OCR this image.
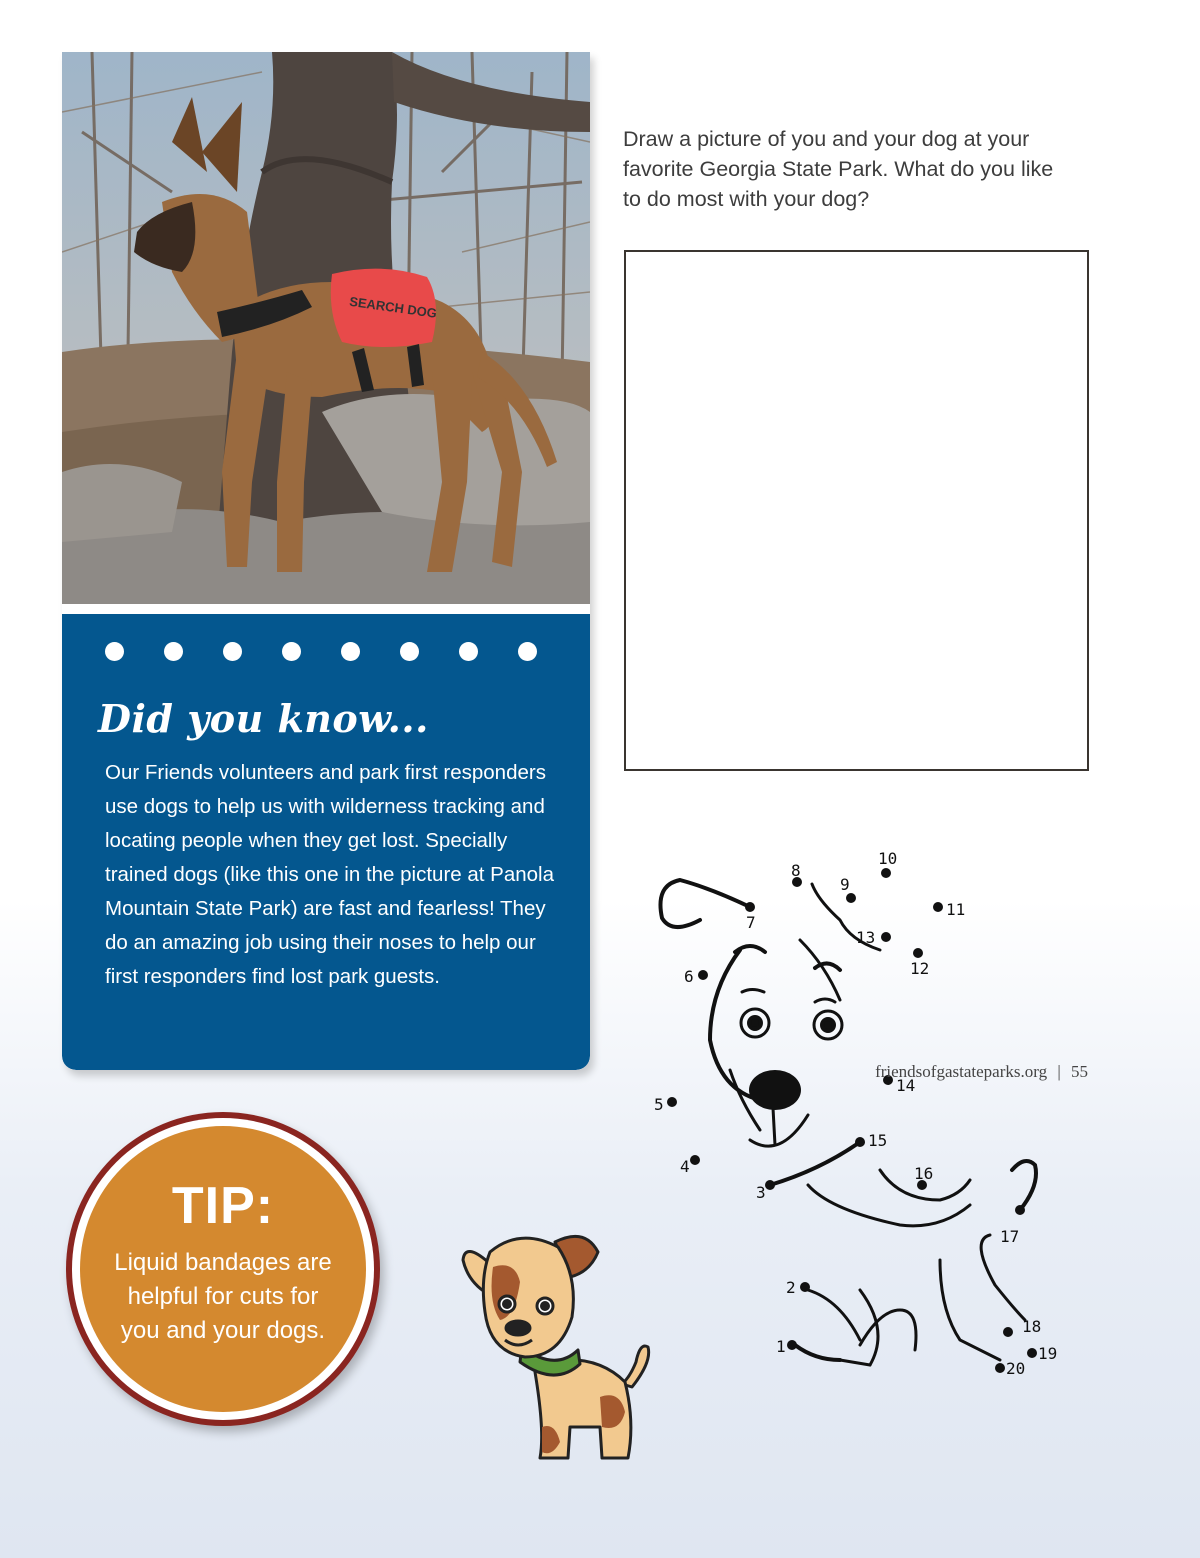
SEARCH DOG
Did you know...
Our Friends volunteers and park first responders use dogs to help us with wilderness tracking and locating people when they get lost. Specially trained dogs (like this one in the picture at Panola Mountain State Park) are fast and fearless! They do an amazing job using their noses to help our first responders find lost park guests.
Draw a picture of you and your dog at your favorite Georgia State Park. What do you like to do most with your dog?
TIP:
Liquid bandages are helpful for cuts for you and your dogs.
1
2
3
4
5
6
7
8
9
10
11
12
13
14
15
16
17
18
19
20
friendsofgastateparks.org | 55
